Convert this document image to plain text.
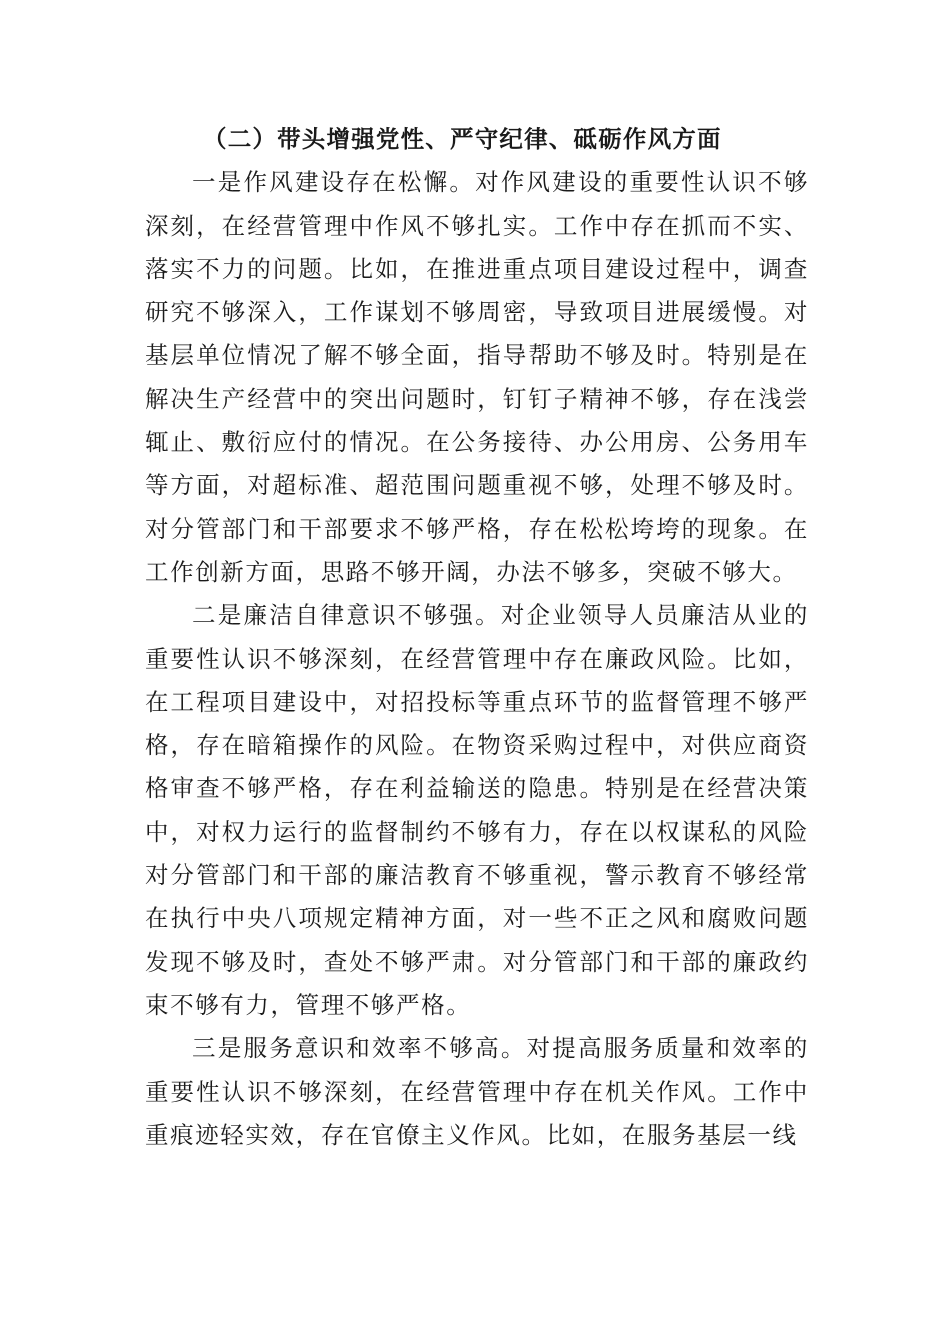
（二）带头增强党性、严守纪律、砥砺作风方面

一是作风建设存在松懈。对作风建设的重要性认识不够深刻，在经营管理中作风不够扎实。工作中存在抓而不实、落实不力的问题。比如，在推进重点项目建设过程中，调查研究不够深入，工作谋划不够周密，导致项目进展缓慢。对基层单位情况了解不够全面，指导帮助不够及时。特别是在解决生产经营中的突出问题时，钉钉子精神不够，存在浅尝辄止、敷衍应付的情况。在公务接待、办公用房、公务用车等方面，对超标准、超范围问题重视不够，处理不够及时。对分管部门和干部要求不够严格，存在松松垮垮的现象。在工作创新方面，思路不够开阔，办法不够多，突破不够大。

二是廉洁自律意识不够强。对企业领导人员廉洁从业的重要性认识不够深刻，在经营管理中存在廉政风险。比如，在工程项目建设中，对招投标等重点环节的监督管理不够严格，存在暗箱操作的风险。在物资采购过程中，对供应商资格审查不够严格，存在利益输送的隐患。特别是在经营决策中，对权力运行的监督制约不够有力，存在以权谋私的风险对分管部门和干部的廉洁教育不够重视，警示教育不够经常在执行中央八项规定精神方面，对一些不正之风和腐败问题发现不够及时，查处不够严肃。对分管部门和干部的廉政约束不够有力，管理不够严格。

三是服务意识和效率不够高。对提高服务质量和效率的重要性认识不够深刻，在经营管理中存在机关作风。工作中重痕迹轻实效，存在官僚主义作风。比如，在服务基层一线
